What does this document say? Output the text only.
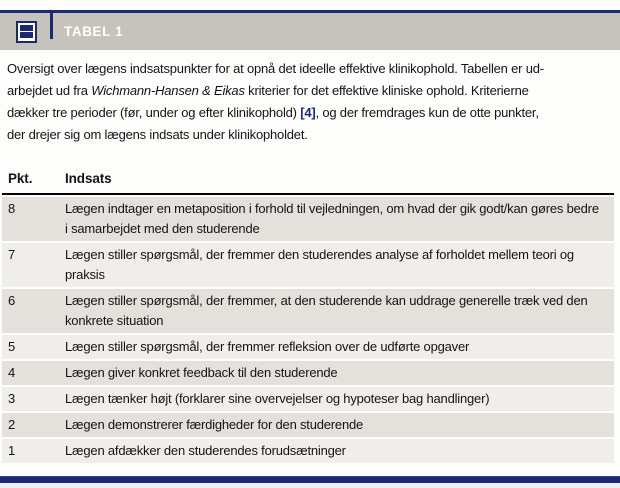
TABEL 1
Oversigt over lægens indsatspunkter for at opnå det ideelle effektive klinikophold. Tabellen er ud-
arbejdet ud fra Wichmann-Hansen & Eikas kriterier for det effektive kliniske ophold. Kriterierne
dækker tre perioder (før, under og efter klinikophold) [4], og der fremdrages kun de otte punkter,
der drejer sig om lægens indsats under klinikopholdet.
Pkt.	Indsats
8	Lægen indtager en metaposition i forhold til vejledningen, om hvad der gik godt/kan gøres bedre i samarbejdet med den studerende
7	Lægen stiller spørgsmål, der fremmer den studerendes analyse af forholdet mellem teori og praksis
6	Lægen stiller spørgsmål, der fremmer, at den studerende kan uddrage generelle træk ved den konkrete situation
5	Lægen stiller spørgsmål, der fremmer refleksion over de udførte opgaver
4	Lægen giver konkret feedback til den studerende
3	Lægen tænker højt (forklarer sine overvejelser og hypoteser bag handlinger)
2	Lægen demonstrerer færdigheder for den studerende
1	Lægen afdækker den studerendes forudsætninger
